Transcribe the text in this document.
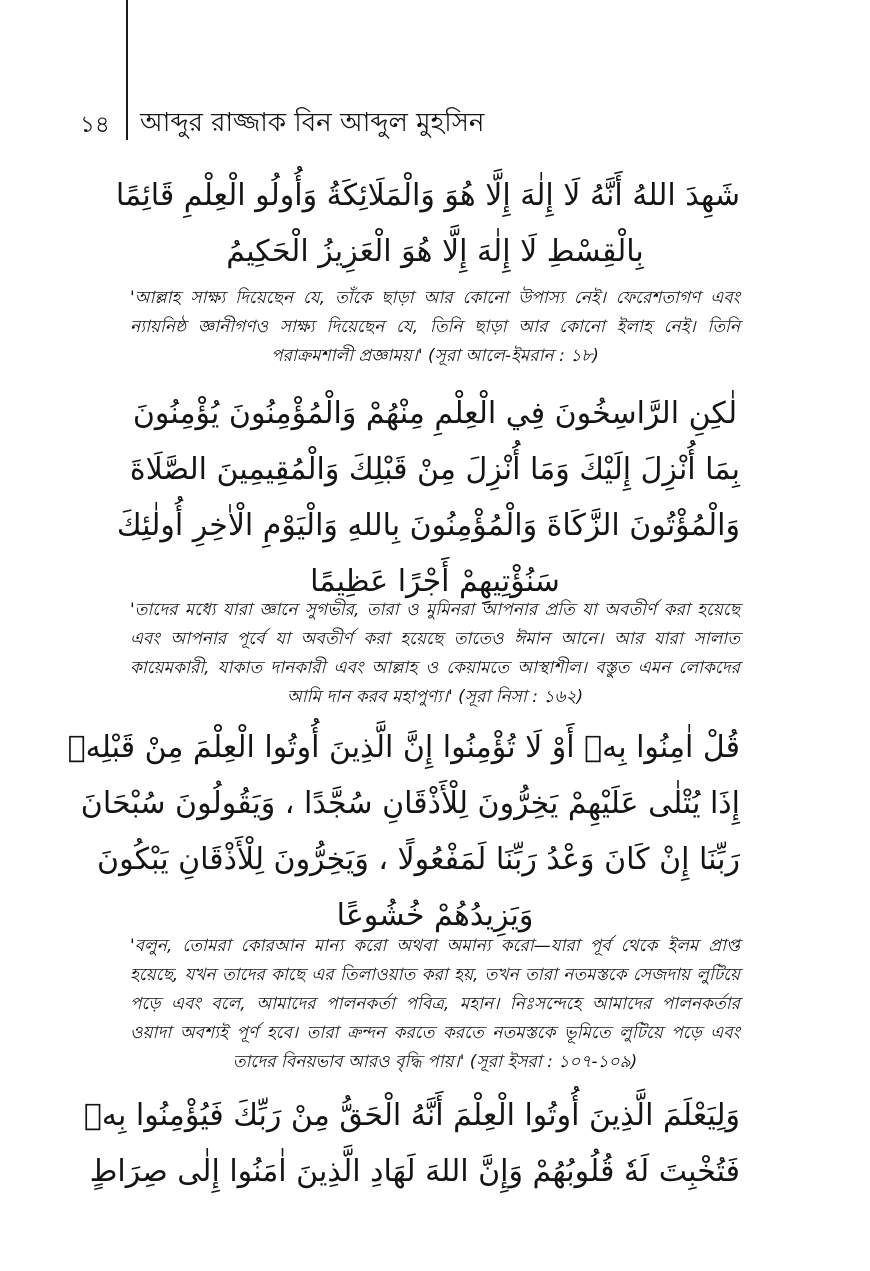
১৪ আব্দুর রাজ্জাক বিন আব্দুল মুহসিন

شَهِدَ اللهُ أَنَّهُ لَا إِلٰهَ إِلَّا هُوَ وَالْمَلَائِكَةُ وَأُولُو الْعِلْمِ قَائِمًا
بِالْقِسْطِ لَا إِلٰهَ إِلَّا هُوَ الْعَزِيزُ الْحَكِيمُ

'আল্লাহ সাক্ষ্য দিয়েছেন যে, তাঁকে ছাড়া আর কোনো উপাস্য নেই। ফেরেশতাগণ এবং ন্যায়নিষ্ঠ জ্ঞানীগণও সাক্ষ্য দিয়েছেন যে, তিনি ছাড়া আর কোনো ইলাহ নেই। তিনি পরাক্রমশালী প্রজ্ঞাময়।' (সূরা আলে-ইমরান : ১৮)

لٰكِنِ الرَّاسِخُونَ فِي الْعِلْمِ مِنْهُمْ وَالْمُؤْمِنُونَ يُؤْمِنُونَ
بِمَا أُنْزِلَ إِلَيْكَ وَمَا أُنْزِلَ مِنْ قَبْلِكَ وَالْمُقِيمِينَ الصَّلَاةَ
وَالْمُؤْتُونَ الزَّكَاةَ وَالْمُؤْمِنُونَ بِاللهِ وَالْيَوْمِ الْاٰخِرِ أُولٰئِكَ
سَنُؤْتِيهِمْ أَجْرًا عَظِيمًا

'তাদের মধ্যে যারা জ্ঞানে সুগভীর, তারা ও মুমিনরা আপনার প্রতি যা অবতীর্ণ করা হয়েছে এবং আপনার পূর্বে যা অবতীর্ণ করা হয়েছে তাতেও ঈমান আনে। আর যারা সালাত কায়েমকারী, যাকাত দানকারী এবং আল্লাহ ও কেয়ামতে আস্থাশীল। বস্তুত এমন লোকদের আমি দান করব মহাপুণ্য।' (সূরা নিসা : ১৬২)

قُلْ اٰمِنُوا بِهٖ أَوْ لَا تُؤْمِنُوا إِنَّ الَّذِينَ أُوتُوا الْعِلْمَ مِنْ قَبْلِهٖ
إِذَا يُتْلٰى عَلَيْهِمْ يَخِرُّونَ لِلْأَذْقَانِ سُجَّدًا ، وَيَقُولُونَ سُبْحَانَ
رَبِّنَا إِنْ كَانَ وَعْدُ رَبِّنَا لَمَفْعُولًا ، وَيَخِرُّونَ لِلْأَذْقَانِ يَبْكُونَ
وَيَزِيدُهُمْ خُشُوعًا

'বলুন, তোমরা কোরআন মান্য করো অথবা অমান্য করো—যারা পূর্ব থেকে ইলম প্রাপ্ত হয়েছে, যখন তাদের কাছে এর তিলাওয়াত করা হয়, তখন তারা নতমস্তকে সেজদায় লুটিয়ে পড়ে এবং বলে, আমাদের পালনকর্তা পবিত্র, মহান। নিঃসন্দেহে আমাদের পালনকর্তার ওয়াদা অবশ্যই পূর্ণ হবে। তারা ক্রন্দন করতে করতে নতমস্তকে ভূমিতে লুটিয়ে পড়ে এবং তাদের বিনয়ভাব আরও বৃদ্ধি পায়।' (সূরা ইসরা : ১০৭-১০৯)

وَلِيَعْلَمَ الَّذِينَ أُوتُوا الْعِلْمَ أَنَّهُ الْحَقُّ مِنْ رَبِّكَ فَيُؤْمِنُوا بِهٖ
فَتُخْبِتَ لَهٗ قُلُوبُهُمْ وَإِنَّ اللهَ لَهَادِ الَّذِينَ اٰمَنُوا إِلٰى صِرَاطٍ
